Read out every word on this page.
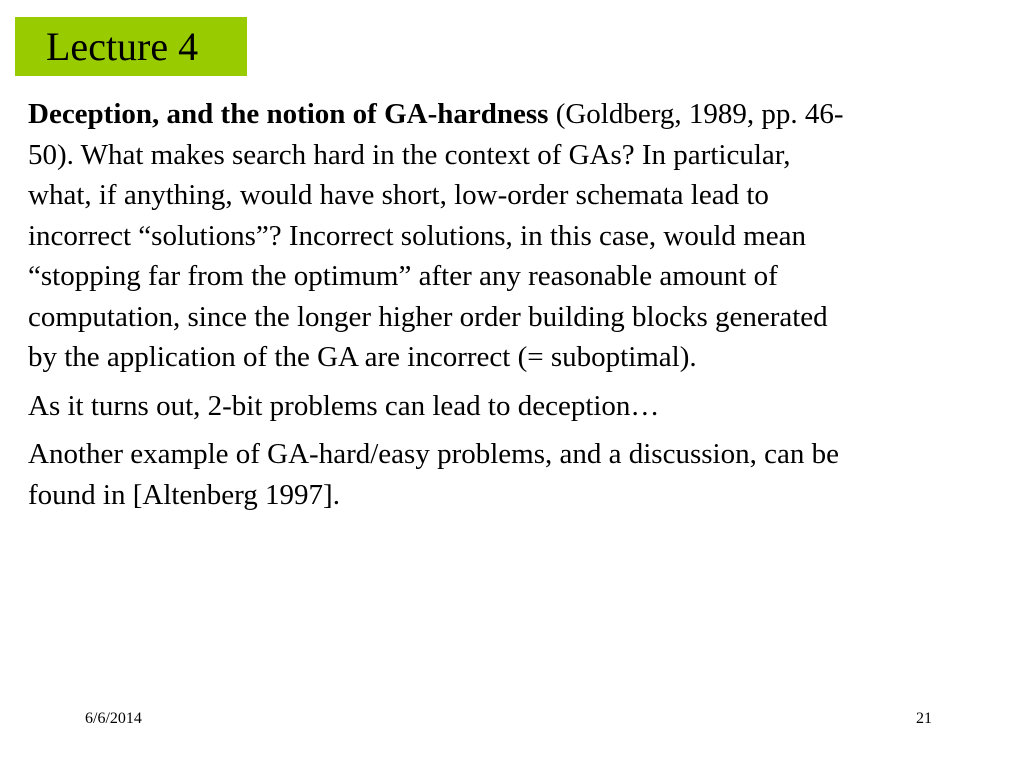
Lecture 4
Deception, and the notion of GA-hardness (Goldberg, 1989, pp. 46-
50). What makes search hard in the context of GAs? In particular,
what, if anything, would have short, low-order schemata lead to
incorrect “solutions”? Incorrect solutions, in this case, would mean
“stopping far from the optimum” after any reasonable amount of
computation, since the longer higher order building blocks generated
by the application of the GA are incorrect (= suboptimal).
As it turns out, 2-bit problems can lead to deception…
Another example of GA-hard/easy problems, and a discussion, can be
found in [Altenberg 1997].
6/6/2014	21
